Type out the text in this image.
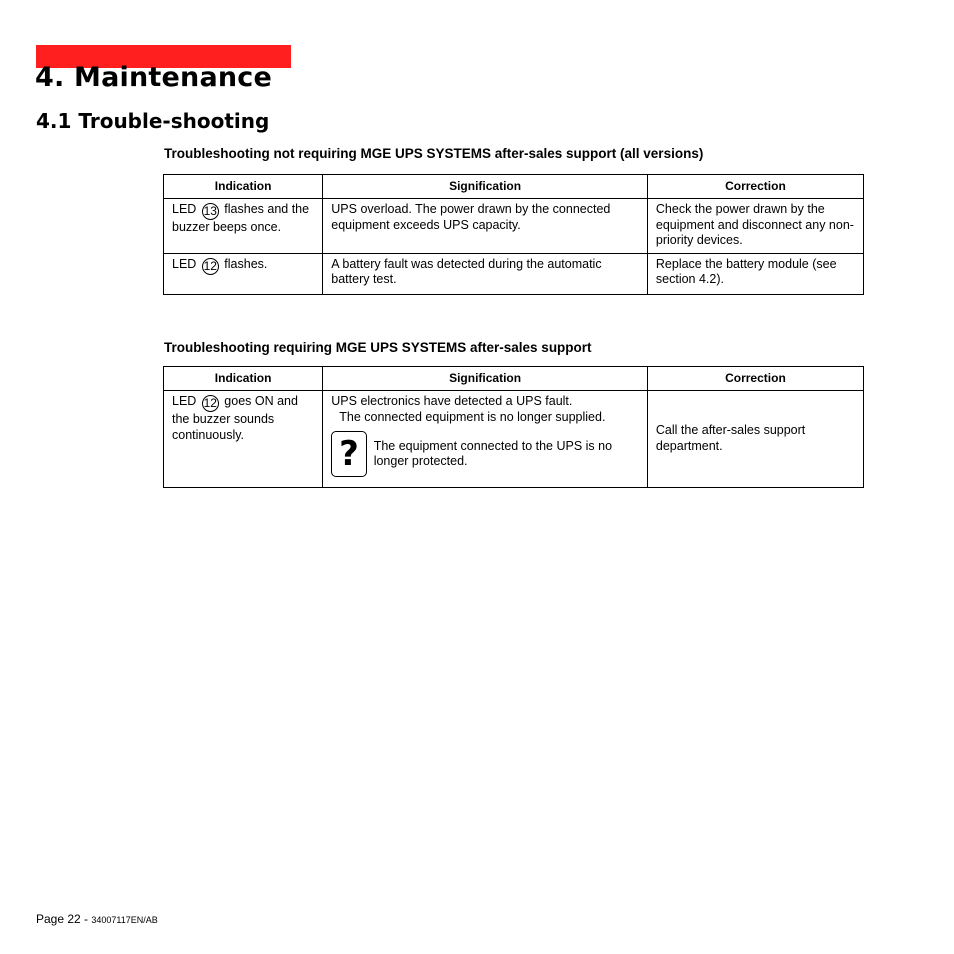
4. Maintenance
4.1 Trouble-shooting

Troubleshooting not requiring MGE UPS SYSTEMS after-sales support (all versions)

Indication	Signification	Correction
LED 13 flashes and the buzzer beeps once.	UPS overload. The power drawn by the connected equipment exceeds UPS capacity.	Check the power drawn by the equipment and disconnect any non-priority devices.
LED 12 flashes.	A battery fault was detected during the automatic battery test.	Replace the battery module (see section 4.2).

Troubleshooting requiring MGE UPS SYSTEMS after-sales support

Indication	Signification	Correction
LED 12 goes ON and the buzzer sounds continuously.	UPS electronics have detected a UPS fault.
The connected equipment is no longer supplied.
? The equipment connected to the UPS is no longer protected.	Call the after-sales support department.
Page 22 - 34007117EN/AB
